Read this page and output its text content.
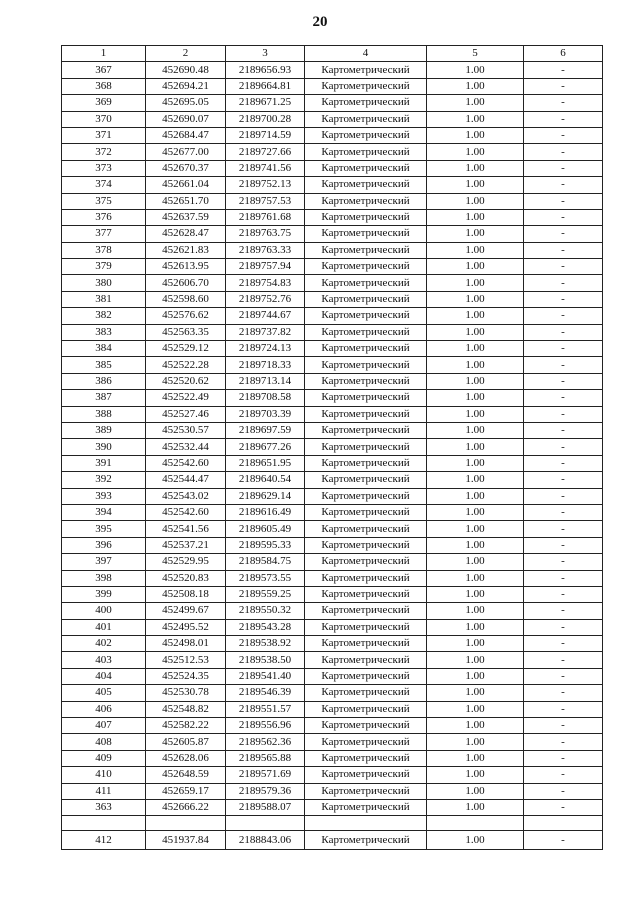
20
1	2	3	4	5	6
367	452690.48	2189656.93	Картометрический	1.00	-
368	452694.21	2189664.81	Картометрический	1.00	-
369	452695.05	2189671.25	Картометрический	1.00	-
370	452690.07	2189700.28	Картометрический	1.00	-
371	452684.47	2189714.59	Картометрический	1.00	-
372	452677.00	2189727.66	Картометрический	1.00	-
373	452670.37	2189741.56	Картометрический	1.00	-
374	452661.04	2189752.13	Картометрический	1.00	-
375	452651.70	2189757.53	Картометрический	1.00	-
376	452637.59	2189761.68	Картометрический	1.00	-
377	452628.47	2189763.75	Картометрический	1.00	-
378	452621.83	2189763.33	Картометрический	1.00	-
379	452613.95	2189757.94	Картометрический	1.00	-
380	452606.70	2189754.83	Картометрический	1.00	-
381	452598.60	2189752.76	Картометрический	1.00	-
382	452576.62	2189744.67	Картометрический	1.00	-
383	452563.35	2189737.82	Картометрический	1.00	-
384	452529.12	2189724.13	Картометрический	1.00	-
385	452522.28	2189718.33	Картометрический	1.00	-
386	452520.62	2189713.14	Картометрический	1.00	-
387	452522.49	2189708.58	Картометрический	1.00	-
388	452527.46	2189703.39	Картометрический	1.00	-
389	452530.57	2189697.59	Картометрический	1.00	-
390	452532.44	2189677.26	Картометрический	1.00	-
391	452542.60	2189651.95	Картометрический	1.00	-
392	452544.47	2189640.54	Картометрический	1.00	-
393	452543.02	2189629.14	Картометрический	1.00	-
394	452542.60	2189616.49	Картометрический	1.00	-
395	452541.56	2189605.49	Картометрический	1.00	-
396	452537.21	2189595.33	Картометрический	1.00	-
397	452529.95	2189584.75	Картометрический	1.00	-
398	452520.83	2189573.55	Картометрический	1.00	-
399	452508.18	2189559.25	Картометрический	1.00	-
400	452499.67	2189550.32	Картометрический	1.00	-
401	452495.52	2189543.28	Картометрический	1.00	-
402	452498.01	2189538.92	Картометрический	1.00	-
403	452512.53	2189538.50	Картометрический	1.00	-
404	452524.35	2189541.40	Картометрический	1.00	-
405	452530.78	2189546.39	Картометрический	1.00	-
406	452548.82	2189551.57	Картометрический	1.00	-
407	452582.22	2189556.96	Картометрический	1.00	-
408	452605.87	2189562.36	Картометрический	1.00	-
409	452628.06	2189565.88	Картометрический	1.00	-
410	452648.59	2189571.69	Картометрический	1.00	-
411	452659.17	2189579.36	Картометрический	1.00	-
363	452666.22	2189588.07	Картометрический	1.00	-

412	451937.84	2188843.06	Картометрический	1.00	-
